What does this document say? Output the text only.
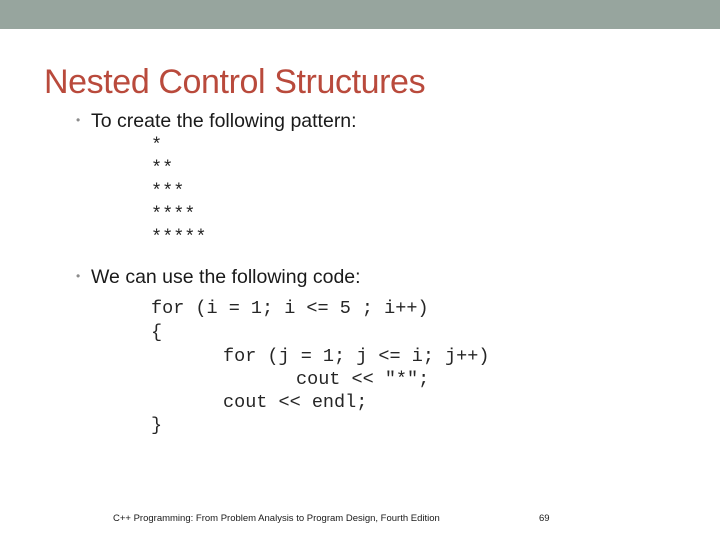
Nested Control Structures
• To create the following pattern:
*
**
***
****
*****
• We can use the following code:
for (i = 1; i <= 5 ; i++)
{
for (j = 1; j <= i; j++)
cout << "*";
cout << endl;
}
C++ Programming: From Problem Analysis to Program Design, Fourth Edition	69
